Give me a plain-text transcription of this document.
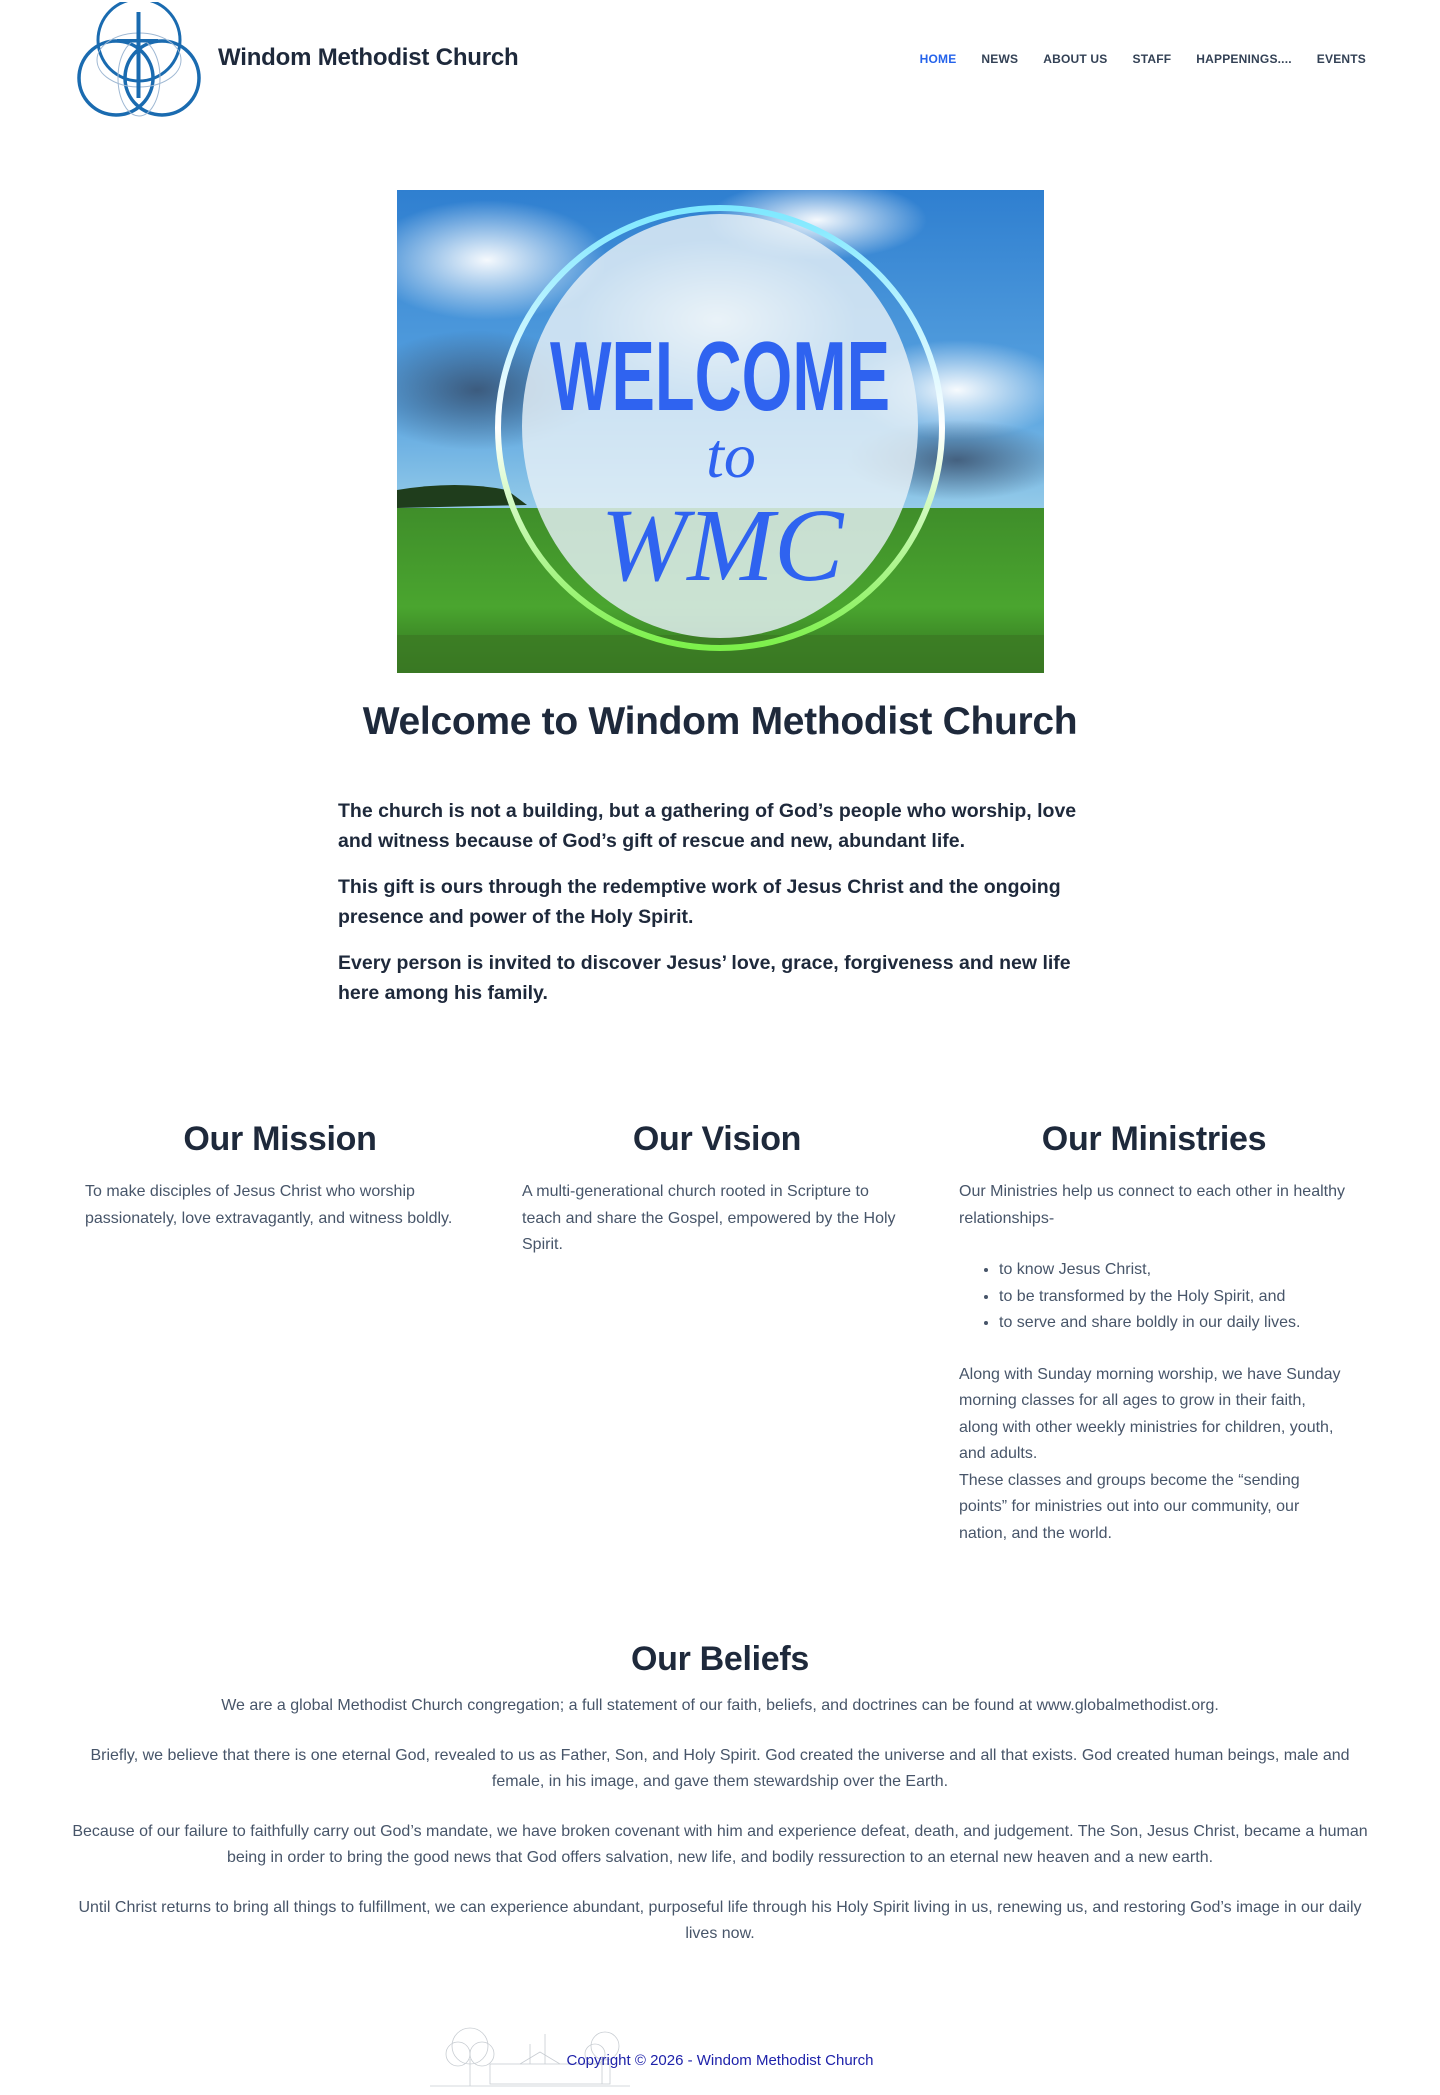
Windom Methodist Church	HOME NEWS ABOUT US STAFF HAPPENINGS.... EVENTS
WELCOME
to
WMC
Welcome to Windom Methodist Church

The church is not a building, but a gathering of God’s people who worship, love and witness because of God’s gift of rescue and new, abundant life.

This gift is ours through the redemptive work of Jesus Christ and the ongoing presence and power of the Holy Spirit.

Every person is invited to discover Jesus’ love, grace, forgiveness and new life here among his family.

Our Mission

To make disciples of Jesus Christ who worship passionately, love extravagantly, and witness boldly.

Our Vision

A multi-generational church rooted in Scripture to teach and share the Gospel, empowered by the Holy Spirit.

Our Ministries

Our Ministries help us connect to each other in healthy relationships-

• to know Jesus Christ,
• to be transformed by the Holy Spirit, and
• to serve and share boldly in our daily lives.

Along with Sunday morning worship, we have Sunday morning classes for all ages to grow in their faith, along with other weekly ministries for children, youth, and adults.

These classes and groups become the “sending points” for ministries out into our community, our nation, and the world.

Our Beliefs

We are a global Methodist Church congregation; a full statement of our faith, beliefs, and doctrines can be found at www.globalmethodist.org.

Briefly, we believe that there is one eternal God, revealed to us as Father, Son, and Holy Spirit. God created the universe and all that exists. God created human beings, male and female, in his image, and gave them stewardship over the Earth.

Because of our failure to faithfully carry out God’s mandate, we have broken covenant with him and experience defeat, death, and judgement. The Son, Jesus Christ, became a human being in order to bring the good news that God offers salvation, new life, and bodily ressurection to an eternal new heaven and a new earth.

Until Christ returns to bring all things to fulfillment, we can experience abundant, purposeful life through his Holy Spirit living in us, renewing us, and restoring God’s image in our daily lives now.

Copyright © 2026 - Windom Methodist Church
